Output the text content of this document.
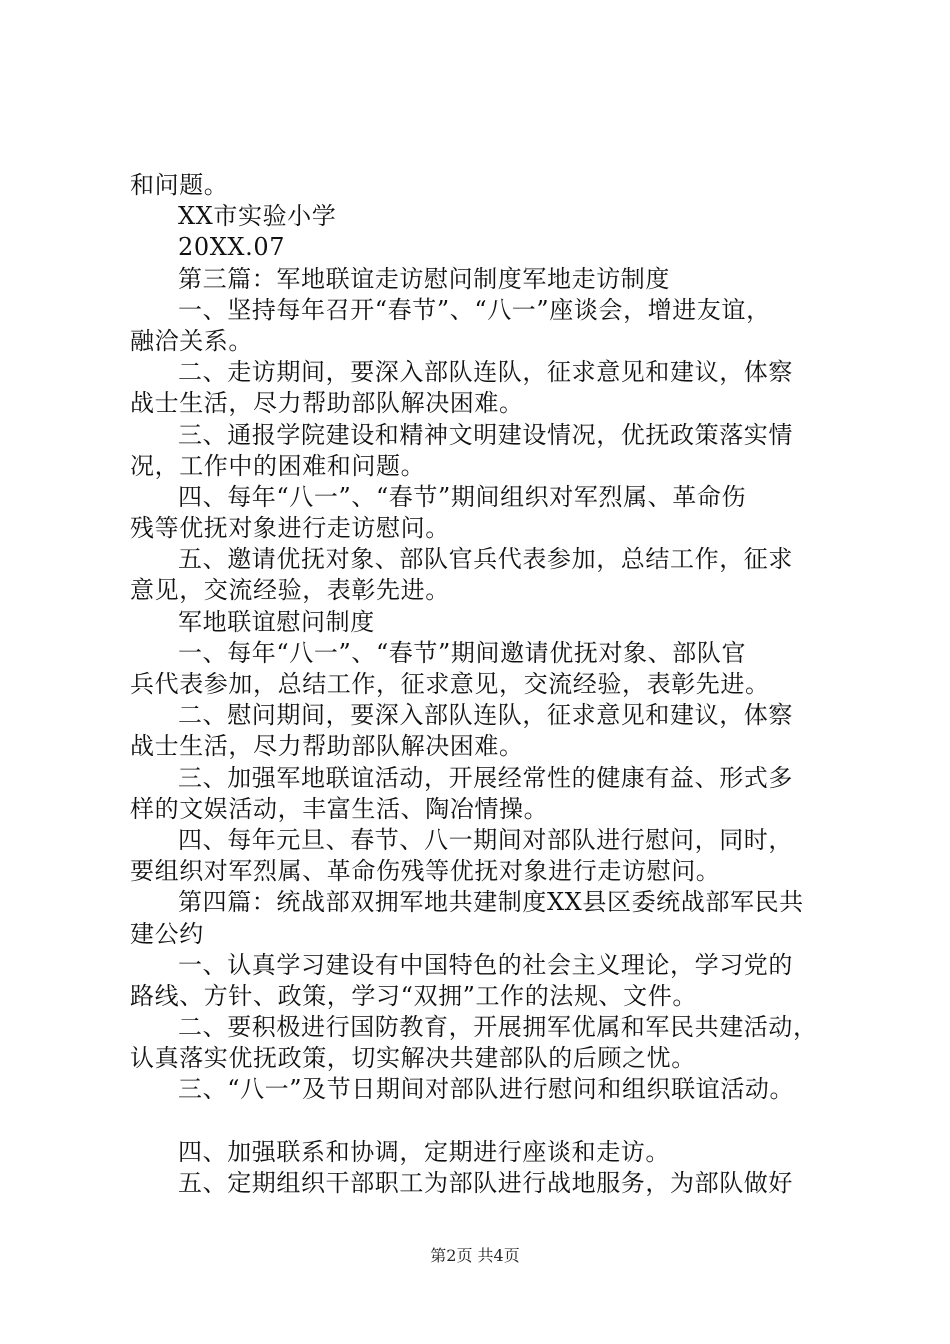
和问题。
XX市实验小学
20XX.07
第三篇：军地联谊走访慰问制度军地走访制度
一、坚持每年召开“春节”、“八一”座谈会，增进友谊，
融洽关系。
二、走访期间，要深入部队连队，征求意见和建议，体察
战士生活，尽力帮助部队解决困难。
三、通报学院建设和精神文明建设情况，优抚政策落实情
况，工作中的困难和问题。
四、每年“八一”、“春节”期间组织对军烈属、革命伤
残等优抚对象进行走访慰问。
五、邀请优抚对象、部队官兵代表参加，总结工作，征求
意见，交流经验，表彰先进。
军地联谊慰问制度
一、每年“八一”、“春节”期间邀请优抚对象、部队官
兵代表参加，总结工作，征求意见，交流经验，表彰先进。
二、慰问期间，要深入部队连队，征求意见和建议，体察
战士生活，尽力帮助部队解决困难。
三、加强军地联谊活动，开展经常性的健康有益、形式多
样的文娱活动，丰富生活、陶冶情操。
四、每年元旦、春节、八一期间对部队进行慰问，同时，
要组织对军烈属、革命伤残等优抚对象进行走访慰问。
第四篇：统战部双拥军地共建制度XX县区委统战部军民共
建公约
一、认真学习建设有中国特色的社会主义理论，学习党的
路线、方针、政策，学习“双拥”工作的法规、文件。
二、要积极进行国防教育，开展拥军优属和军民共建活动，
认真落实优抚政策，切实解决共建部队的后顾之忧。
三、“八一”及节日期间对部队进行慰问和组织联谊活动。
四、加强联系和协调，定期进行座谈和走访。
五、定期组织干部职工为部队进行战地服务，为部队做好
第2页 共4页
